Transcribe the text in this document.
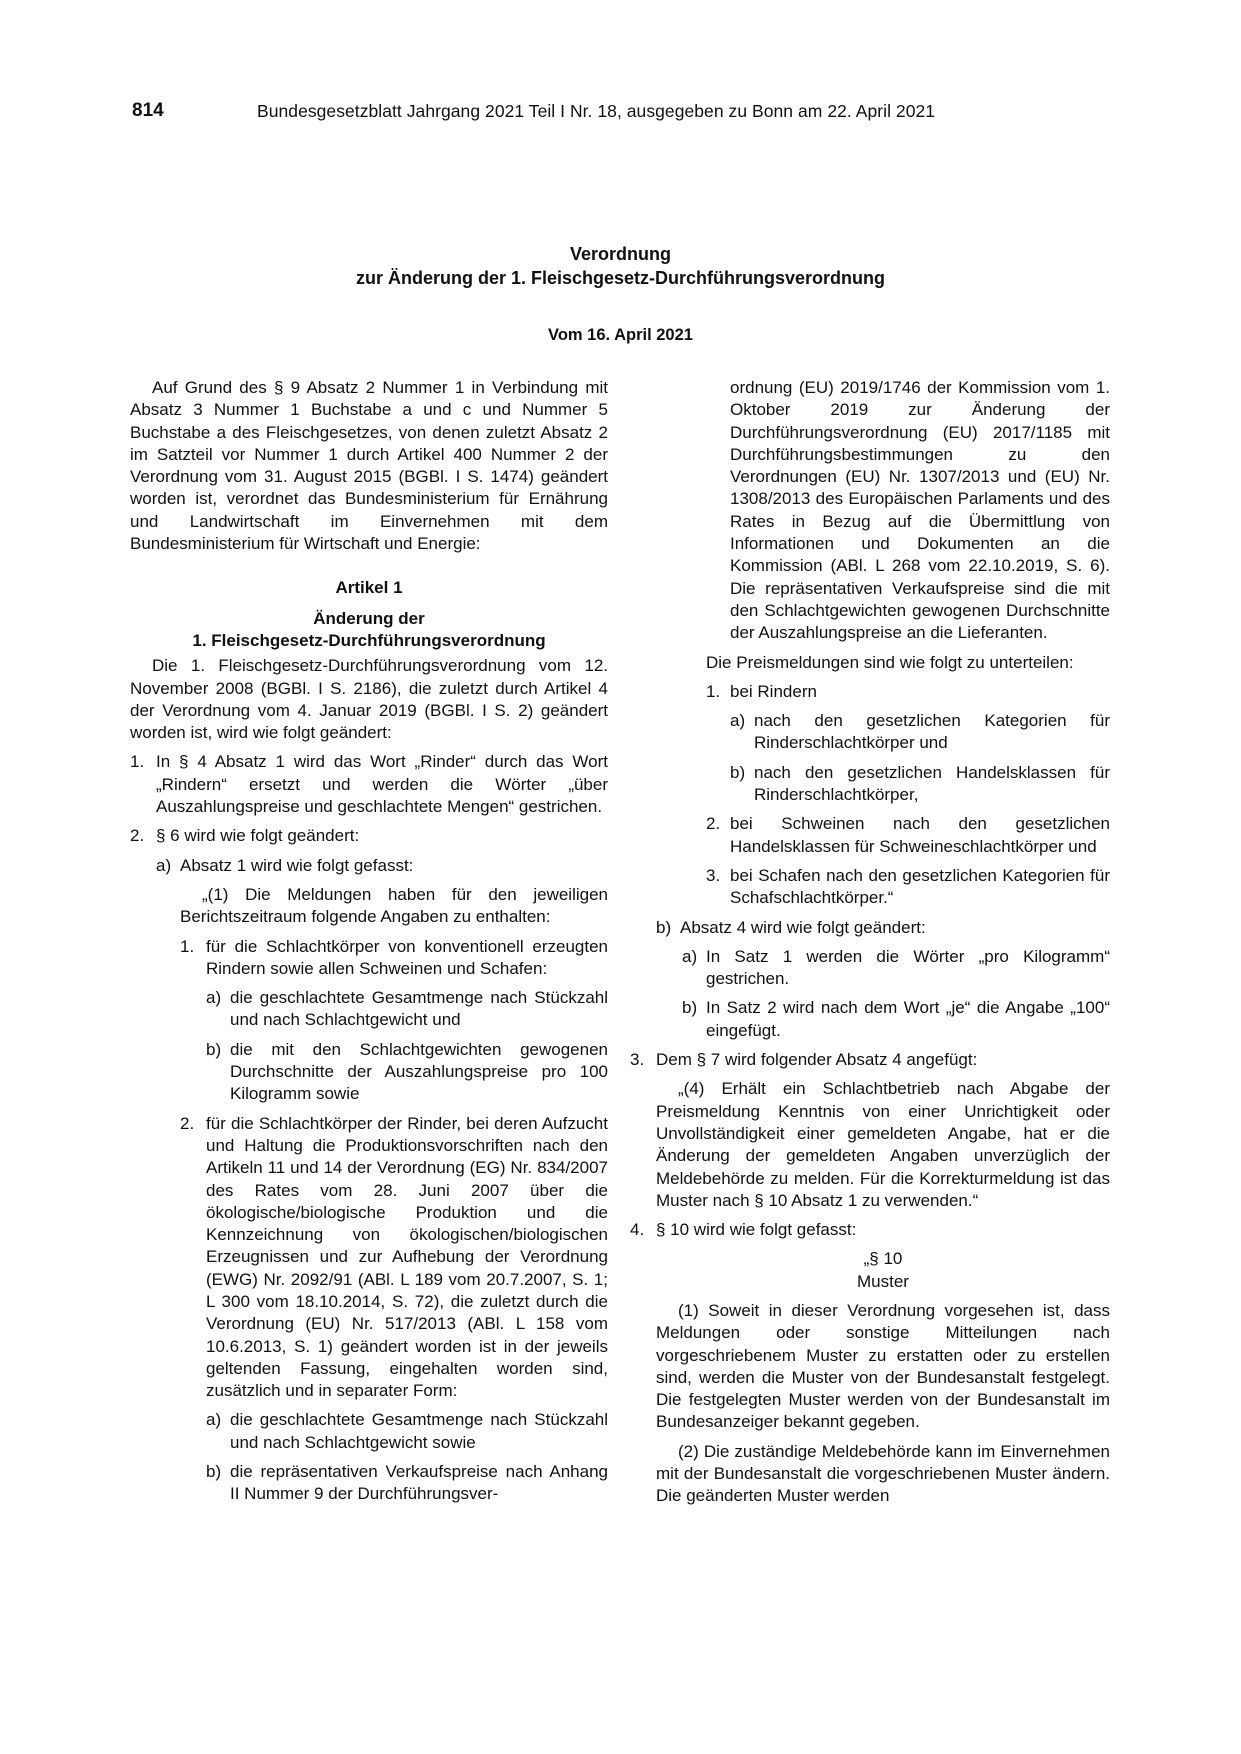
814	Bundesgesetzblatt Jahrgang 2021 Teil I Nr. 18, ausgegeben zu Bonn am 22. April 2021
Verordnung
zur Änderung der 1. Fleischgesetz-Durchführungsverordnung
Vom 16. April 2021

Auf Grund des § 9 Absatz 2 Nummer 1 in Verbindung mit Absatz 3 Nummer 1 Buchstabe a und c und Nummer 5 Buchstabe a des Fleischgesetzes, von denen zuletzt Absatz 2 im Satzteil vor Nummer 1 durch Artikel 400 Nummer 2 der Verordnung vom 31. August 2015 (BGBl. I S. 1474) geändert worden ist, verordnet das Bundesministerium für Ernährung und Landwirtschaft im Einvernehmen mit dem Bundesministerium für Wirtschaft und Energie:

Artikel 1
Änderung der
1. Fleischgesetz-Durchführungsverordnung

Die 1. Fleischgesetz-Durchführungsverordnung vom 12. November 2008 (BGBl. I S. 2186), die zuletzt durch Artikel 4 der Verordnung vom 4. Januar 2019 (BGBl. I S. 2) geändert worden ist, wird wie folgt geändert:

1. In § 4 Absatz 1 wird das Wort „Rinder“ durch das Wort „Rindern“ ersetzt und werden die Wörter „über Auszahlungspreise und geschlachtete Mengen“ gestrichen.
2. § 6 wird wie folgt geändert:
a) Absatz 1 wird wie folgt gefasst:

„(1) Die Meldungen haben für den jeweiligen Berichtszeitraum folgende Angaben zu enthalten:

1. für die Schlachtkörper von konventionell erzeugten Rindern sowie allen Schweinen und Schafen:
a) die geschlachtete Gesamtmenge nach Stückzahl und nach Schlachtgewicht und
b) die mit den Schlachtgewichten gewogenen Durchschnitte der Auszahlungspreise pro 100 Kilogramm sowie
2. für die Schlachtkörper der Rinder, bei deren Aufzucht und Haltung die Produktionsvorschriften nach den Artikeln 11 und 14 der Verordnung (EG) Nr. 834/2007 des Rates vom 28. Juni 2007 über die ökologische/biologische Produktion und die Kennzeichnung von ökologischen/biologischen Erzeugnissen und zur Aufhebung der Verordnung (EWG) Nr. 2092/91 (ABl. L 189 vom 20.7.2007, S. 1; L 300 vom 18.10.2014, S. 72), die zuletzt durch die Verordnung (EU) Nr. 517/2013 (ABl. L 158 vom 10.6.2013, S. 1) geändert worden ist in der jeweils geltenden Fassung, eingehalten worden sind, zusätzlich und in separater Form:
a) die geschlachtete Gesamtmenge nach Stückzahl und nach Schlachtgewicht sowie
b) die repräsentativen Verkaufspreise nach Anhang II Nummer 9 der Durchführungsver-

ordnung (EU) 2019/1746 der Kommission vom 1. Oktober 2019 zur Änderung der Durchführungsverordnung (EU) 2017/1185 mit Durchführungsbestimmungen zu den Verordnungen (EU) Nr. 1307/2013 und (EU) Nr. 1308/2013 des Europäischen Parlaments und des Rates in Bezug auf die Übermittlung von Informationen und Dokumenten an die Kommission (ABl. L 268 vom 22.10.2019, S. 6). Die repräsentativen Verkaufspreise sind die mit den Schlachtgewichten gewogenen Durchschnitte der Auszahlungspreise an die Lieferanten.

Die Preismeldungen sind wie folgt zu unterteilen:

1. bei Rindern
a) nach den gesetzlichen Kategorien für Rinderschlachtkörper und
b) nach den gesetzlichen Handelsklassen für Rinderschlachtkörper,
2. bei Schweinen nach den gesetzlichen Handelsklassen für Schweineschlachtkörper und
3. bei Schafen nach den gesetzlichen Kategorien für Schafschlachtkörper.“
b) Absatz 4 wird wie folgt geändert:
a) In Satz 1 werden die Wörter „pro Kilogramm“ gestrichen.
b) In Satz 2 wird nach dem Wort „je“ die Angabe „100“ eingefügt.
3. Dem § 7 wird folgender Absatz 4 angefügt:

„(4) Erhält ein Schlachtbetrieb nach Abgabe der Preismeldung Kenntnis von einer Unrichtigkeit oder Unvollständigkeit einer gemeldeten Angabe, hat er die Änderung der gemeldeten Angaben unverzüglich der Meldebehörde zu melden. Für die Korrekturmeldung ist das Muster nach § 10 Absatz 1 zu verwenden.“

4. § 10 wird wie folgt gefasst:
„§ 10
Muster

(1) Soweit in dieser Verordnung vorgesehen ist, dass Meldungen oder sonstige Mitteilungen nach vorgeschriebenem Muster zu erstatten oder zu erstellen sind, werden die Muster von der Bundesanstalt festgelegt. Die festgelegten Muster werden von der Bundesanstalt im Bundesanzeiger bekannt gegeben.

(2) Die zuständige Meldebehörde kann im Einvernehmen mit der Bundesanstalt die vorgeschriebenen Muster ändern. Die geänderten Muster werden
